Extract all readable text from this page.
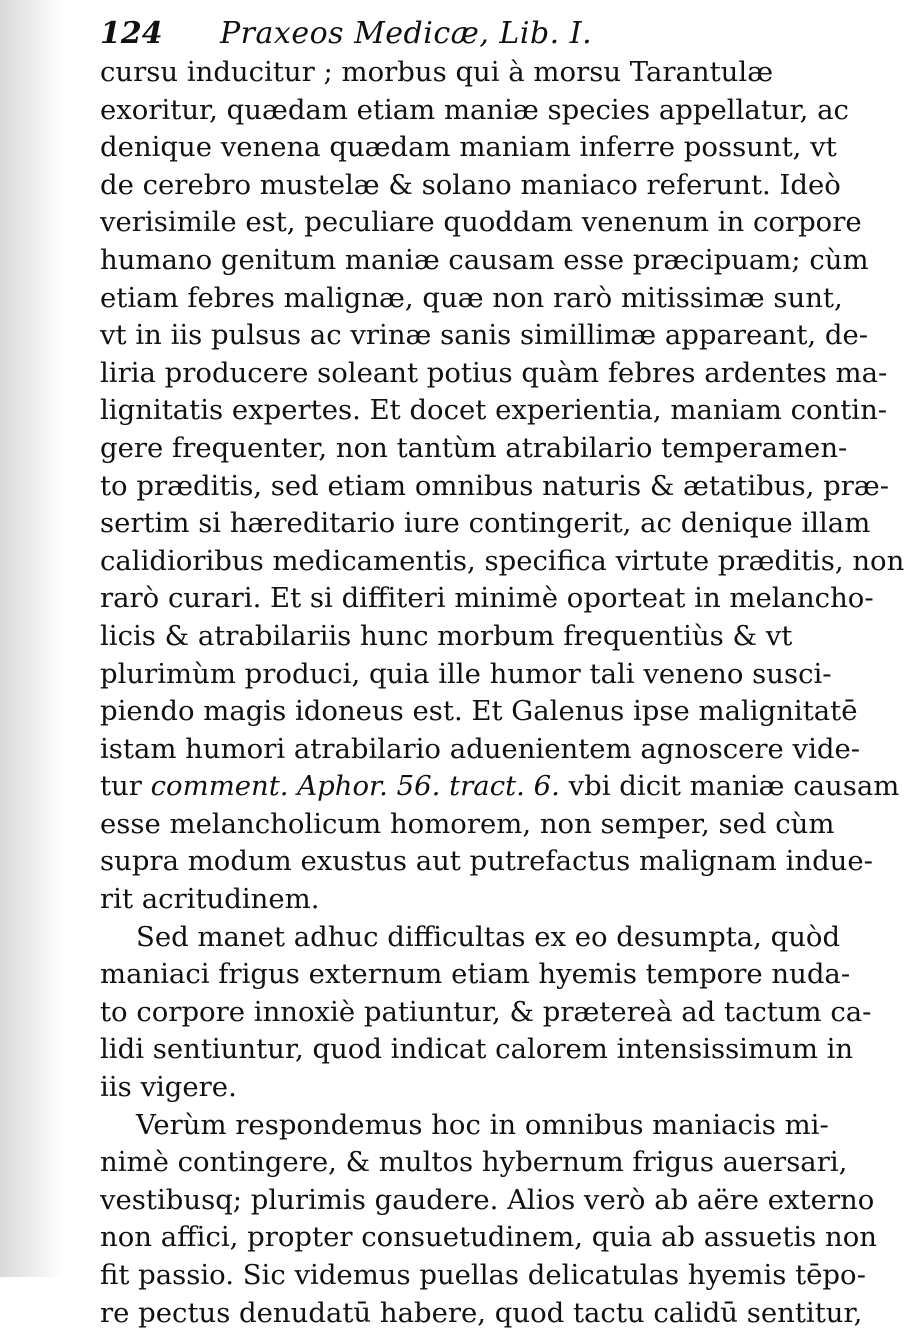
124	Praxeos Medicæ, Lib. I.
cursu inducitur ; morbus qui à morsu Tarantulæ
exoritur, quædam etiam maniæ species appellatur, ac
denique venena quædam maniam inferre possunt, vt
de cerebro mustelæ & solano maniaco referunt. Ideò
verisimile est, peculiare quoddam venenum in corpore
humano genitum maniæ causam esse præcipuam; cùm
etiam febres malignæ, quæ non rarò mitissimæ sunt,
vt in iis pulsus ac vrinæ sanis simillimæ appareant, de-
liria producere soleant potius quàm febres ardentes ma-
lignitatis expertes. Et docet experientia, maniam contin-
gere frequenter, non tantùm atrabilario temperamen-
to præditis, sed etiam omnibus naturis & ætatibus, præ-
sertim si hæreditario iure contingerit, ac denique illam
calidioribus medicamentis, specifica virtute præditis, non
rarò curari. Et si diffiteri minimè oporteat in melancho-
licis & atrabilariis hunc morbum frequentiùs & vt
plurimùm produci, quia ille humor tali veneno susci-
piendo magis idoneus est. Et Galenus ipse malignitatē
istam humori atrabilario aduenientem agnoscere vide-
tur comment. Aphor. 56. tract. 6. vbi dicit maniæ causam
esse melancholicum homorem, non semper, sed cùm
supra modum exustus aut putrefactus malignam indue-
rit acritudinem.
Sed manet adhuc difficultas ex eo desumpta, quòd
maniaci frigus externum etiam hyemis tempore nuda-
to corpore innoxiè patiuntur, & prætereà ad tactum ca-
lidi sentiuntur, quod indicat calorem intensissimum in
iis vigere.
Verùm respondemus hoc in omnibus maniacis mi-
nimè contingere, & multos hybernum frigus auersari,
vestibusq; plurimis gaudere. Alios verò ab aëre externo
non affici, propter consuetudinem, quia ab assuetis non
fit passio. Sic videmus puellas delicatulas hyemis tēpo-
re pectus denudatū habere, quod tactu calidū sentitur,
